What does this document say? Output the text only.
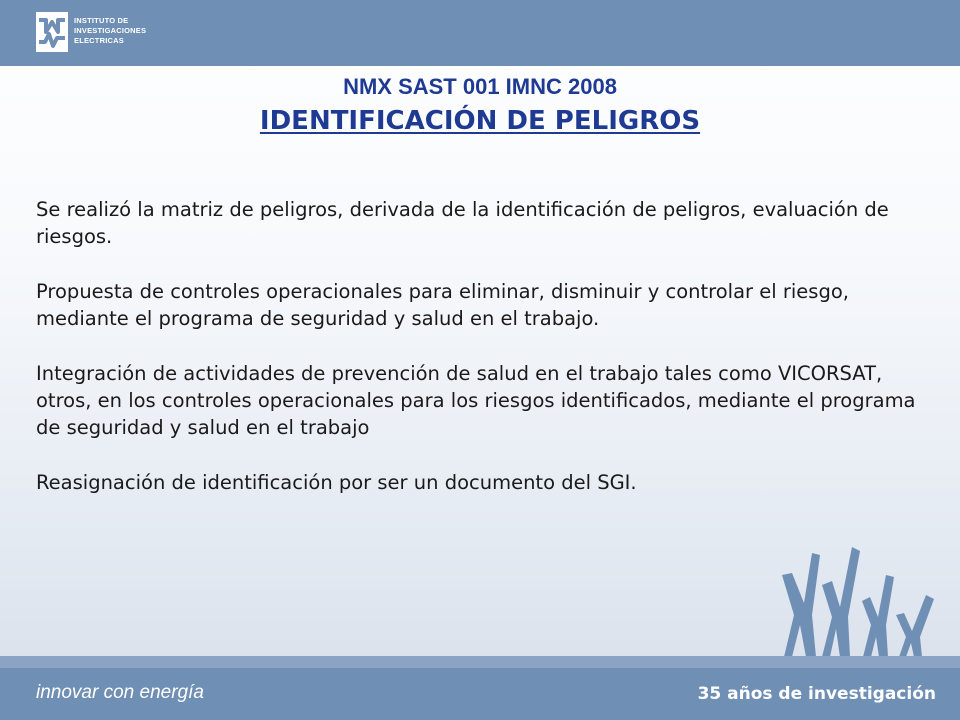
INSTITUTO DE
INVESTIGACIONES
ELECTRICAS
NMX SAST 001 IMNC 2008
IDENTIFICACIÓN DE PELIGROS

Se realizó la matriz de peligros, derivada de la identificación de peligros, evaluación de riesgos.

Propuesta de controles operacionales para eliminar, disminuir y controlar el riesgo, mediante el programa de seguridad y salud en el trabajo.

Integración de actividades de prevención de salud en el trabajo tales como VICORSAT, otros, en los controles operacionales para los riesgos identificados, mediante el programa de seguridad y salud en el trabajo

Reasignación de identificación por ser un documento del SGI.

innovar con energía	35 años de investigación
